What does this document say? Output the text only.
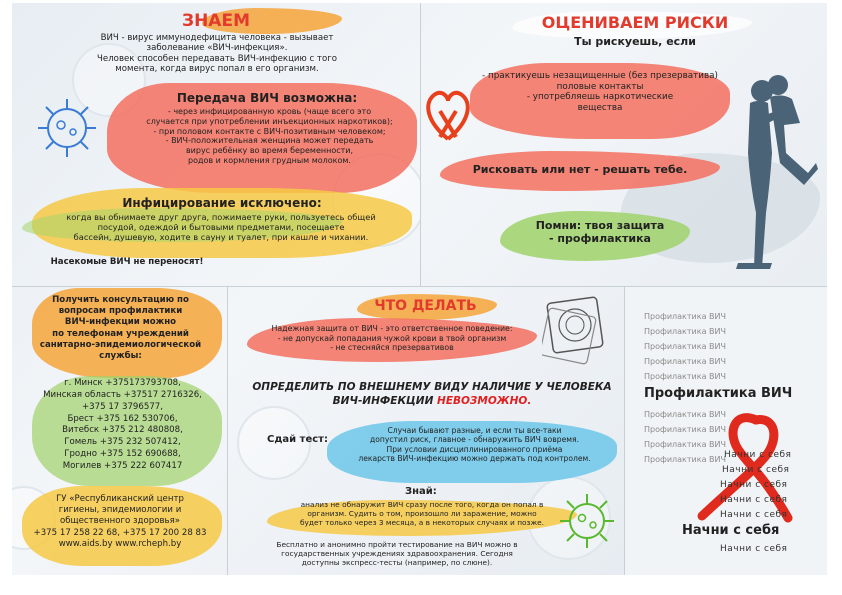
ЗНАЕМ
ВИЧ - вирус иммунодефицита человека - вызывает
заболевание «ВИЧ-инфекция».
Человек способен передавать ВИЧ-инфекцию с того
момента, когда вирус попал в его организм.
Передача ВИЧ возможна:
- через инфицированную кровь (чаще всего это
случается при употреблении инъекционных наркотиков);
- при половом контакте с ВИЧ-позитивным человеком;
- ВИЧ-положительная женщина может передать
вирус ребёнку во время беременности,
родов и кормления грудным молоком.
Инфицирование исключено:
когда вы обнимаете друг друга, пожимаете руки, пользуетесь общей
посудой, одеждой и бытовыми предметами, посещаете
бассейн, душевую, ходите в сауну и туалет, при кашле и чихании.
Насекомые ВИЧ не переносят!
ОЦЕНИВАЕМ РИСКИ
Ты рискуешь, если
- практикуешь незащищенные (без презерватива)
половые контакты
- употребляешь наркотические
вещества
Рисковать или нет - решать тебе.
Помни: твоя защита
- профилактика
Получить консультацию по
вопросам профилактики
ВИЧ-инфекции можно
по телефонам учреждений
санитарно-эпидемиологической
службы:
г. Минск +375173793708,
Минская область +37517 2716326,
+375 17 3796577,
Брест +375 162 530706,
Витебск +375 212 480808,
Гомель +375 232 507412,
Гродно +375 152 690688,
Могилев +375 222 607417
ГУ «Республиканский центр
гигиены, эпидемиологии и
общественного здоровья»
+375 17 258 22 68, +375 17 200 28 83
www.aids.by www.rcheph.by
ЧТО ДЕЛАТЬ
Надежная защита от ВИЧ - это ответственное поведение:
- не допускай попадания чужой крови в твой организм
- не стесняйся презервативов
ОПРЕДЕЛИТЬ ПО ВНЕШНЕМУ ВИДУ НАЛИЧИЕ У ЧЕЛОВЕКА
ВИЧ-ИНФЕКЦИИ НЕВОЗМОЖНО.
Сдай тест:
Случаи бывают разные, и если ты все-таки
допустил риск, главное - обнаружить ВИЧ вовремя.
При условии дисциплинированного приёма
лекарств ВИЧ-инфекцию можно держать под контролем.
Знай:
анализ не обнаружит ВИЧ сразу после того, когда он попал в
организм. Судить о том, произошло ли заражение, можно
будет только через 3 месяца, а в некоторых случаях и позже.
Бесплатно и анонимно пройти тестирование на ВИЧ можно в
государственных учреждениях здравоохранения. Сегодня
доступны экспресс-тесты (например, по слюне).
Профилактика ВИЧ
Профилактика ВИЧ
Профилактика ВИЧ
Профилактика ВИЧ
Профилактика ВИЧ
Профилактика ВИЧ
Профилактика ВИЧ
Профилактика ВИЧ
Профилактика ВИЧ
Профилактика ВИЧ
Начни с себя
Начни с себя
Начни с себя
Начни с себя
Начни с себя
Начни с себя
Начни с себя
